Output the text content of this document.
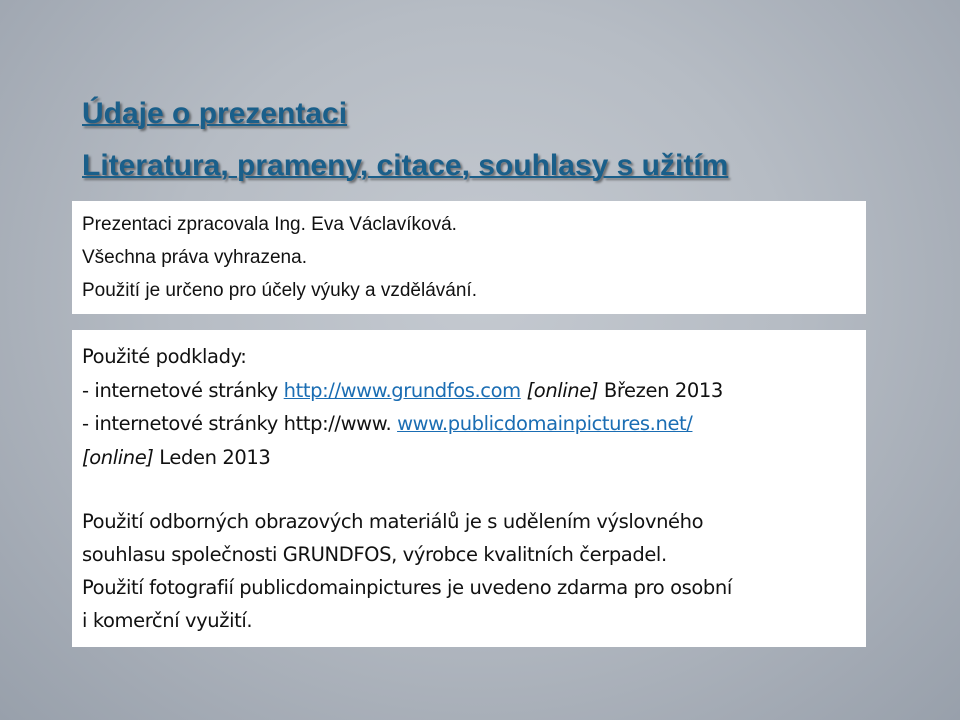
Údaje o prezentaci
Literatura, prameny, citace, souhlasy s užitím
Prezentaci zpracovala Ing. Eva Václavíková.
Všechna práva vyhrazena.
Použití je určeno pro účely výuky a vzdělávání.
Použité podklady:
- internetové stránky http://www.grundfos.com [online] Březen 2013
- internetové stránky http://www. www.publicdomainpictures.net/
[online] Leden 2013
Použití odborných obrazových materiálů je s udělením výslovného
souhlasu společnosti GRUNDFOS, výrobce kvalitních čerpadel.
Použití fotografií publicdomainpictures je uvedeno zdarma pro osobní
i komerční využití.
